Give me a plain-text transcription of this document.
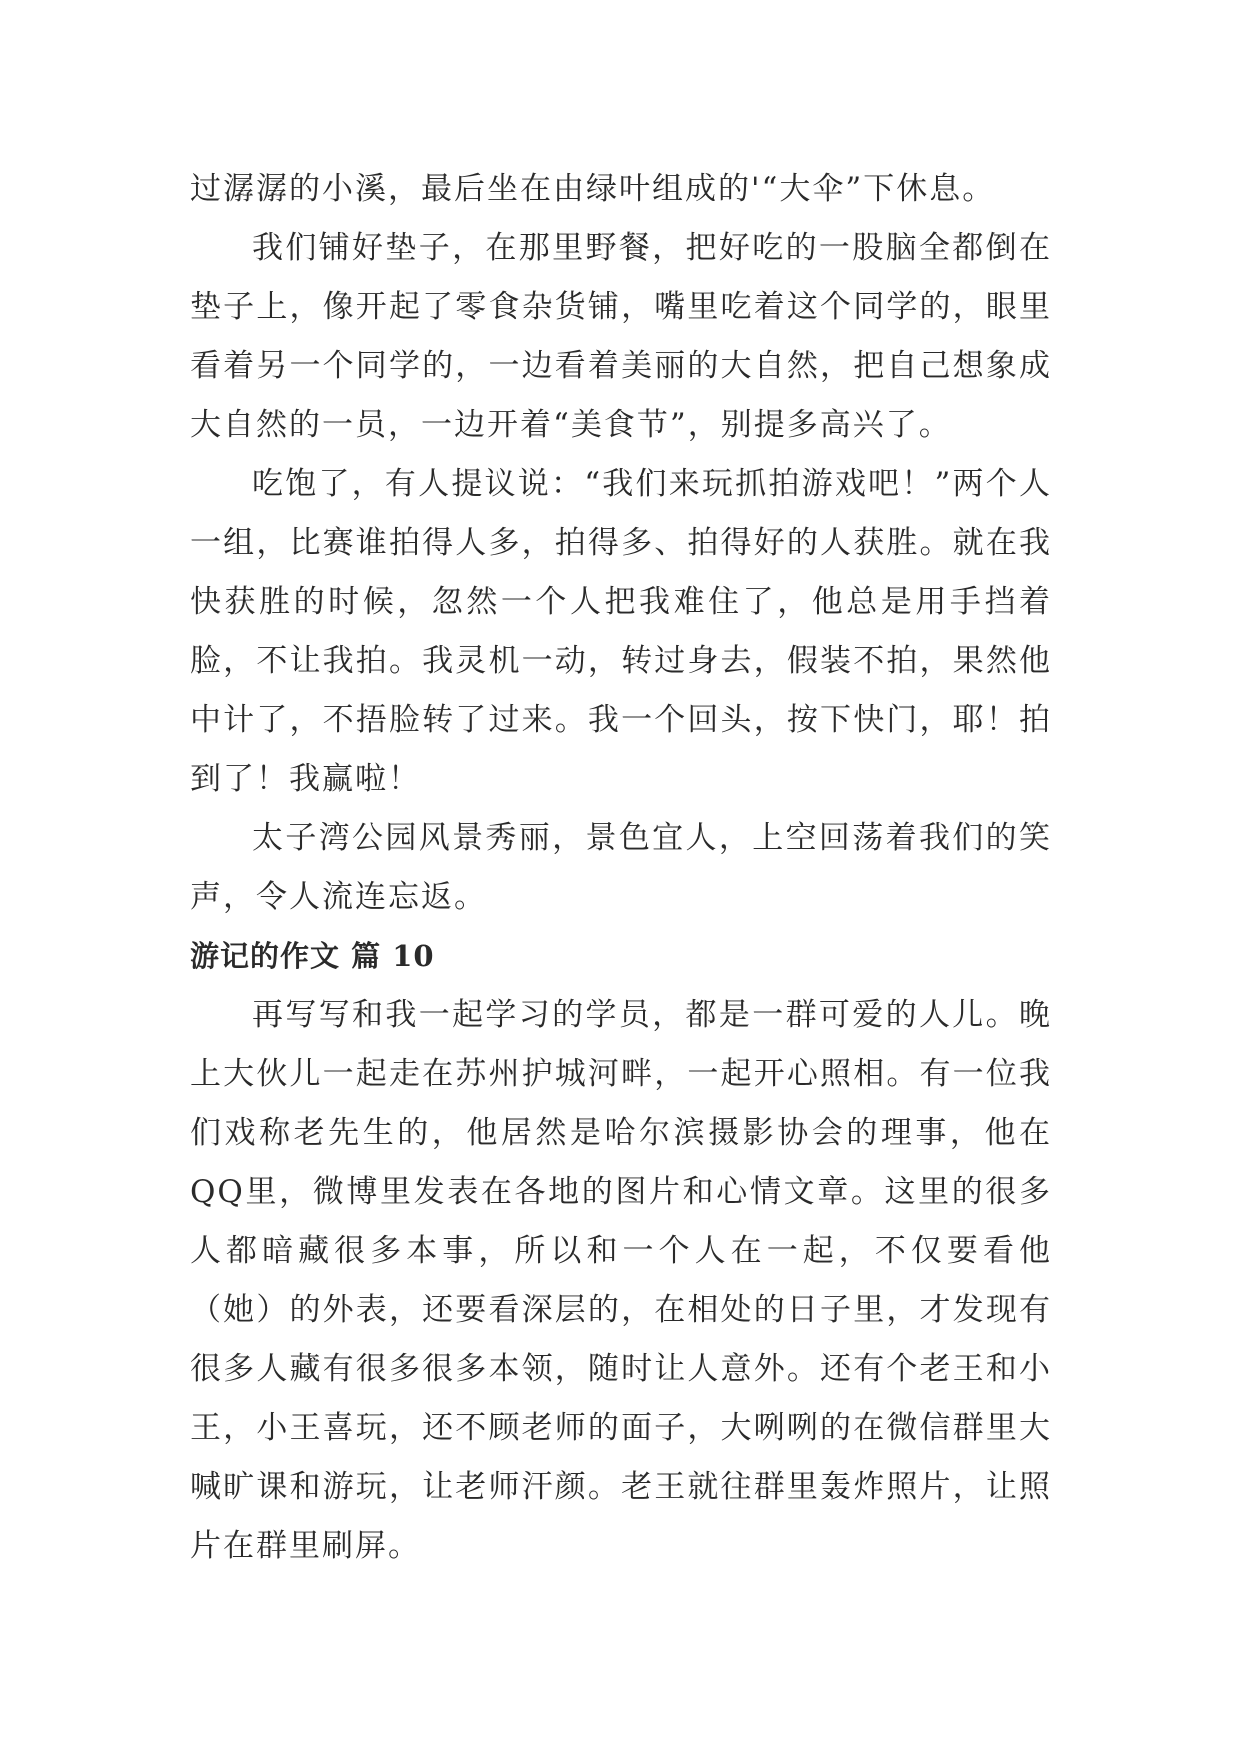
过潺潺的小溪，最后坐在由绿叶组成的'“大伞”下休息。

我们铺好垫子，在那里野餐，把好吃的一股脑全都倒在垫子上，像开起了零食杂货铺，嘴里吃着这个同学的，眼里看着另一个同学的，一边看着美丽的大自然，把自己想象成大自然的一员，一边开着“美食节”，别提多高兴了。

吃饱了，有人提议说：“我们来玩抓拍游戏吧！”两个人一组，比赛谁拍得人多，拍得多、拍得好的人获胜。就在我快获胜的时候，忽然一个人把我难住了，他总是用手挡着脸，不让我拍。我灵机一动，转过身去，假装不拍，果然他中计了，不捂脸转了过来。我一个回头，按下快门，耶！拍到了！我赢啦！

太子湾公园风景秀丽，景色宜人，上空回荡着我们的笑声，令人流连忘返。

游记的作文 篇 10

再写写和我一起学习的学员，都是一群可爱的人儿。晚上大伙儿一起走在苏州护城河畔，一起开心照相。有一位我们戏称老先生的，他居然是哈尔滨摄影协会的理事，他在QQ里，微博里发表在各地的图片和心情文章。这里的很多人都暗藏很多本事，所以和一个人在一起，不仅要看他（她）的外表，还要看深层的，在相处的日子里，才发现有很多人藏有很多很多本领，随时让人意外。还有个老王和小王，小王喜玩，还不顾老师的面子，大咧咧的在微信群里大喊旷课和游玩，让老师汗颜。老王就往群里轰炸照片，让照片在群里刷屏。
